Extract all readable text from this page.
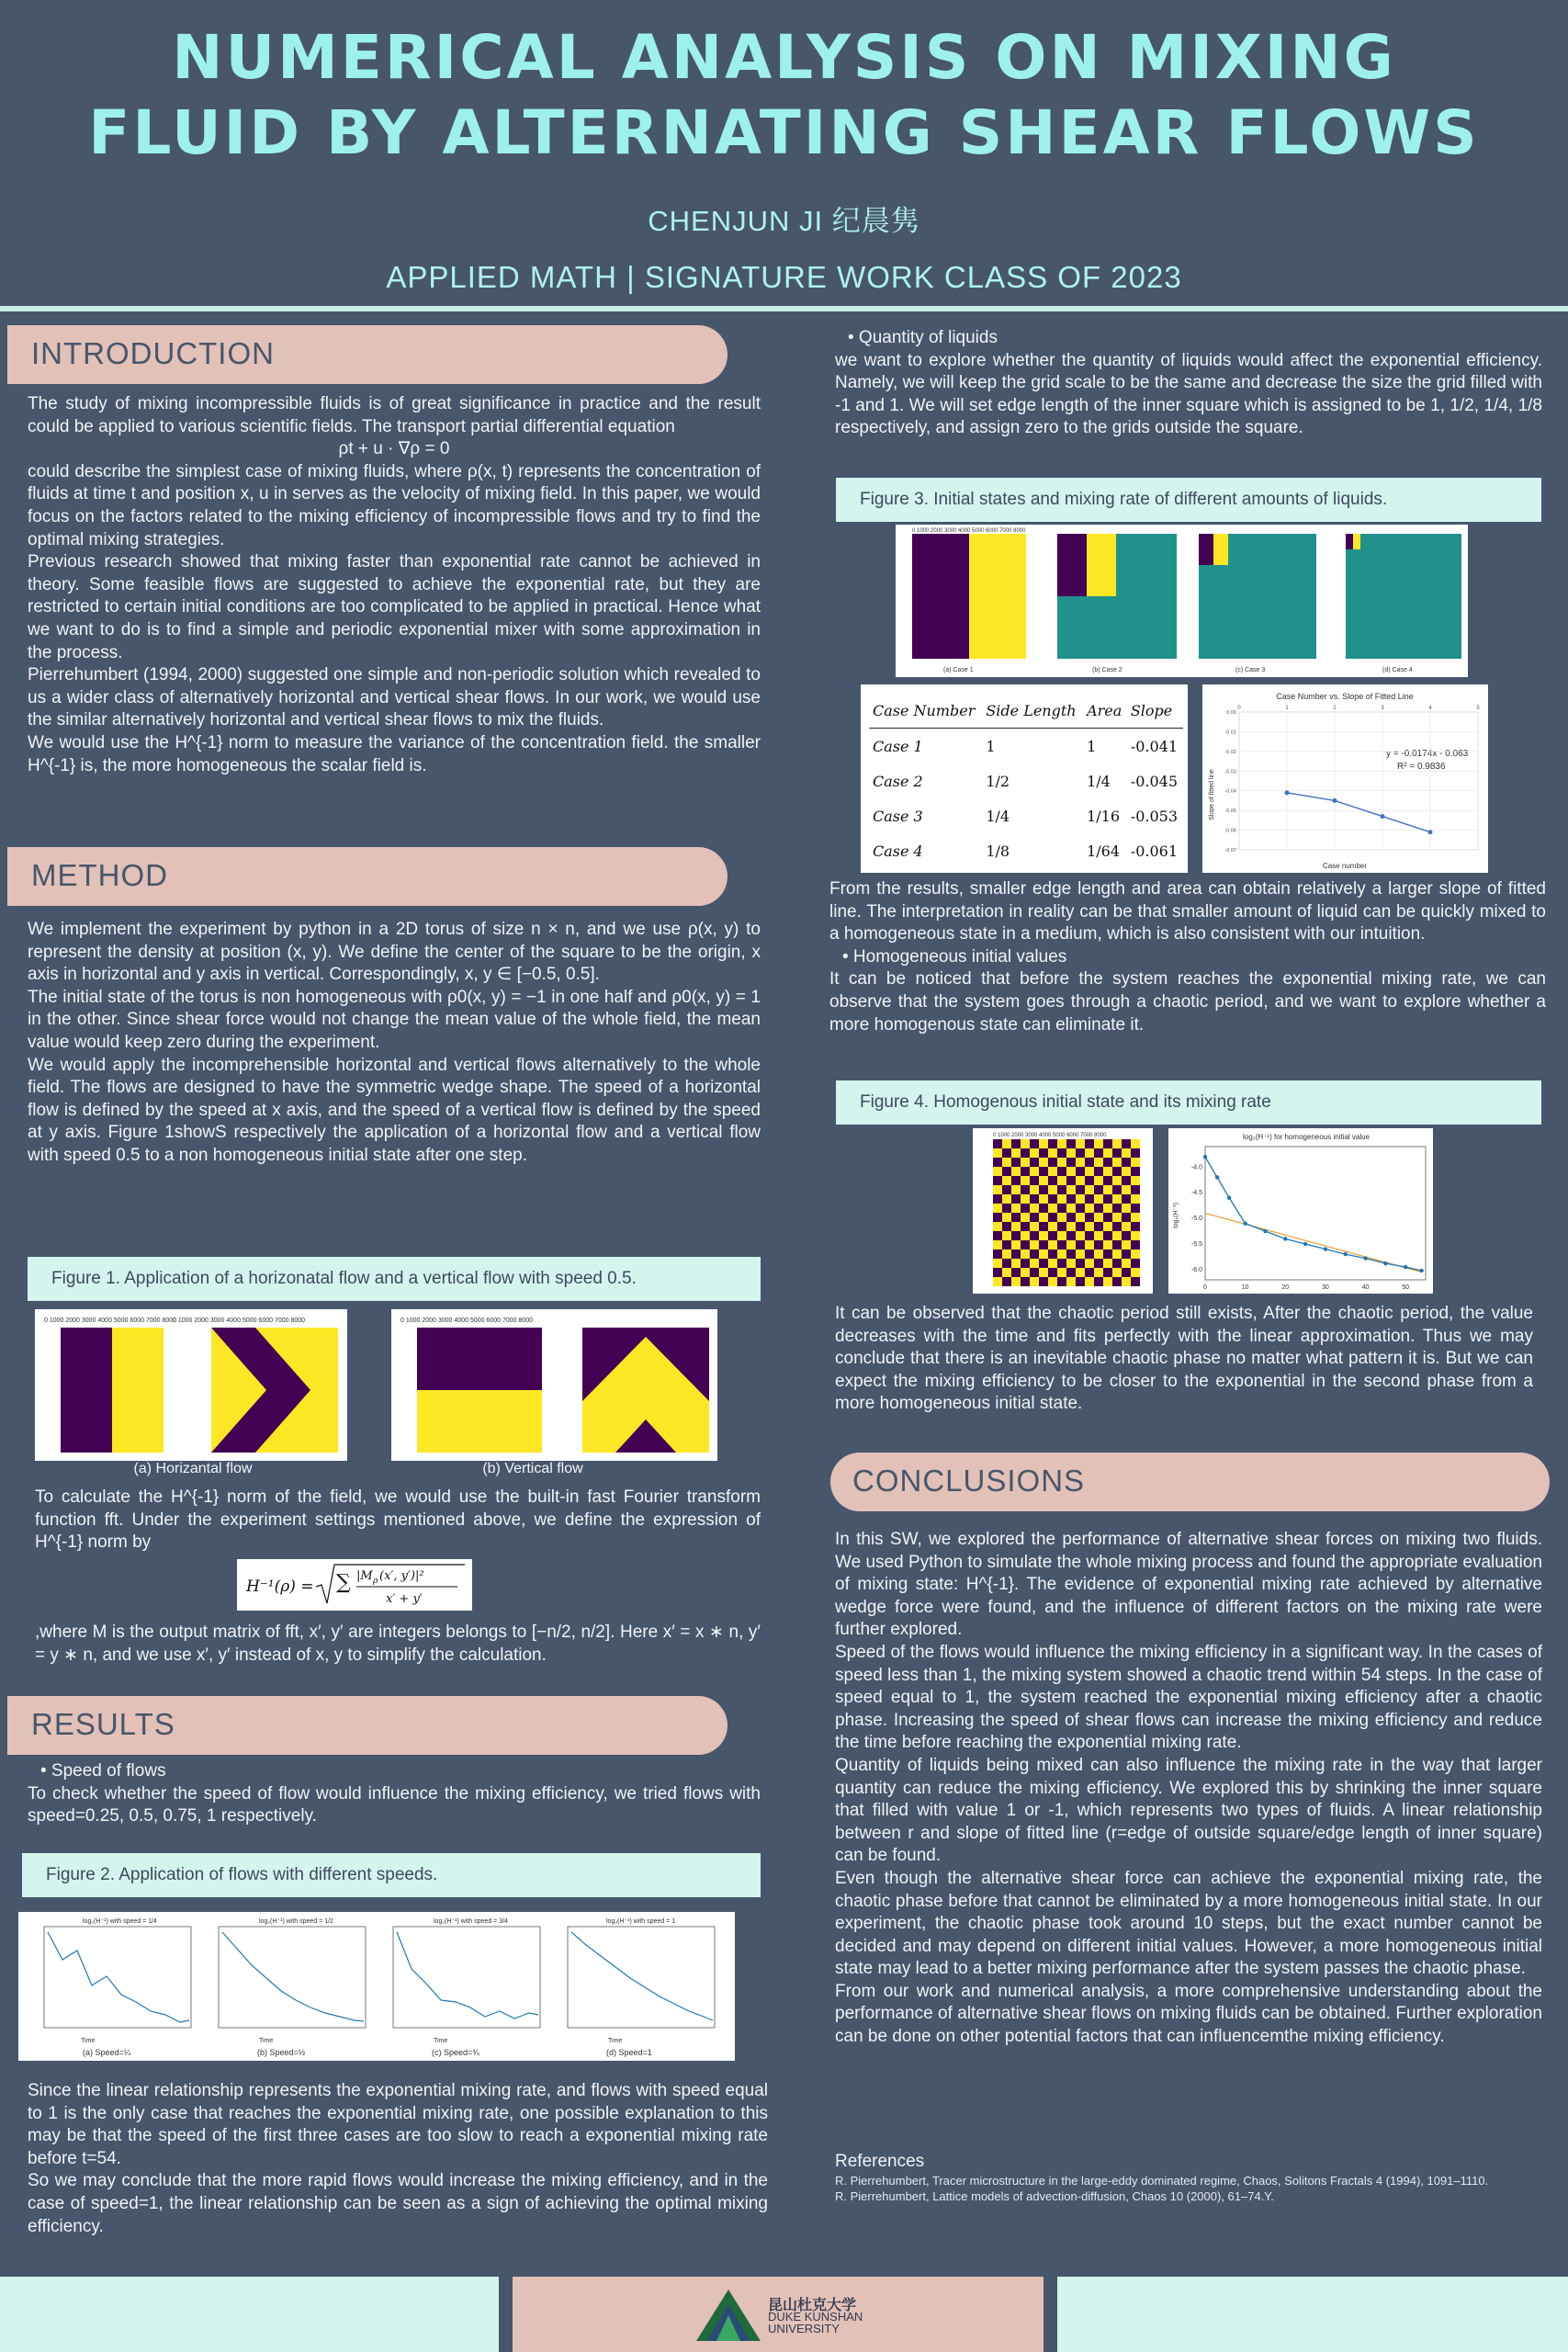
NUMERICAL ANALYSIS ON MIXING
FLUID BY ALTERNATING SHEAR FLOWS
CHENJUN JI 纪晨隽
APPLIED MATH | SIGNATURE WORK CLASS OF 2023
INTRODUCTION

The study of mixing incompressible fluids is of great significance in practice and the result could be applied to various scientific fields. The transport partial differential equation

ρt + u · ∇ρ = 0

could describe the simplest case of mixing fluids, where ρ(x, t) represents the concentration of fluids at time t and position x, u in serves as the velocity of mixing field. In this paper, we would focus on the factors related to the mixing efficiency of incompressible flows and try to find the optimal mixing strategies.

Previous research showed that mixing faster than exponential rate cannot be achieved in theory. Some feasible flows are suggested to achieve the exponential rate, but they are restricted to certain initial conditions are too complicated to be applied in practical. Hence what we want to do is to find a simple and periodic exponential mixer with some approximation in the process.

Pierrehumbert (1994, 2000) suggested one simple and non-periodic solution which revealed to us a wider class of alternatively horizontal and vertical shear flows. In our work, we would use the similar alternatively horizontal and vertical shear flows to mix the fluids.

We would use the H^{-1} norm to measure the variance of the concentration field. the smaller H^{-1} is, the more homogeneous the scalar field is.

METHOD

We implement the experiment by python in a 2D torus of size n × n, and we use ρ(x, y) to represent the density at position (x, y). We define the center of the square to be the origin, x axis in horizontal and y axis in vertical. Correspondingly, x, y ∈ [−0.5, 0.5].

The initial state of the torus is non homogeneous with ρ0(x, y) = −1 in one half and ρ0(x, y) = 1 in the other. Since shear force would not change the mean value of the whole field, the mean value would keep zero during the experiment.

We would apply the incomprehensible horizontal and vertical flows alternatively to the whole field. The flows are designed to have the symmetric wedge shape. The speed of a horizontal flow is defined by the speed at x axis, and the speed of a vertical flow is defined by the speed at y axis. Figure 1showS respectively the application of a horizontal flow and a vertical flow with speed 0.5 to a non homogeneous initial state after one step.

Figure 1. Application of a horizonatal flow and a vertical flow with speed 0.5.
0 1000 2000 3000 4000 5000 6000 7000 8000
0 1000 2000 3000 4000 5000 6000 7000 8000	0 1000 2000 3000 4000 5000 6000 7000 8000
(a) Horizantal flow	(b) Vertical flow

To calculate the H^{-1} norm of the field, we would use the built-in fast Fourier transform function fft. Under the experiment settings mentioned above, we define the expression of H^{-1} norm by

H⁻¹(ρ) = ∑ |M ρ (x′, y′)|²
x′ + y′

,where M is the output matrix of fft, x′, y′ are integers belongs to [−n/2, n/2]. Here x′ = x ∗ n, y′ = y ∗ n, and we use x′, y′ instead of x, y to simplify the calculation.

RESULTS

• Speed of flows

To check whether the speed of flow would influence the mixing efficiency, we tried flows with speed=0.25, 0.5, 0.75, 1 respectively.

Figure 2. Application of flows with different speeds.
log₂(H⁻¹) with speed = 1/4
Time
(a) Speed=¼
log₂(H⁻¹) with speed = 1/2
Time
(b) Speed=½
log₂(H⁻¹) with speed = 3/4
Time
(c) Speed=¾
log₂(H⁻¹) with speed = 1
Time
(d) Speed=1

Since the linear relationship represents the exponential mixing rate, and flows with speed equal to 1 is the only case that reaches the exponential mixing rate, one possible explanation to this may be that the speed of the first three cases are too slow to reach a exponential mixing rate before t=54.

So we may conclude that the more rapid flows would increase the mixing efficiency, and in the case of speed=1, the linear relationship can be seen as a sign of achieving the optimal mixing efficiency.

• Quantity of liquids

we want to explore whether the quantity of liquids would affect the exponential efficiency. Namely, we will keep the grid scale to be the same and decrease the size the grid filled with -1 and 1. We will set edge length of the inner square which is assigned to be 1, 1/2, 1/4, 1/8 respectively, and assign zero to the grids outside the square.

Figure 3. Initial states and mixing rate of different amounts of liquids.
(a) Case 1	(b) Case 2	(c) Case 3	(d) Case 4
0 1000 2000 3000 4000 5000 6000 7000 8000
Case Number	Side Length	Area	Slope
Case 1	1	1	-0.041
Case 2	1/2	1/4	-0.045
Case 3	1/4	1/16	-0.053
Case 4	1/8	1/64	-0.061
Case Number vs. Slope of Fitted Line
Case number
Slope of fitted line
y = -0.0174x - 0.063
R² = 0.9836
0	1	2	3	4	5
0.00
-0.01
-0.02
-0.03
-0.04
-0.05
-0.06
-0.07

From the results, smaller edge length and area can obtain relatively a larger slope of fitted line. The interpretation in reality can be that smaller amount of liquid can be quickly mixed to a homogeneous state in a medium, which is also consistent with our intuition.

• Homogeneous initial values

It can be noticed that before the system reaches the exponential mixing rate, we can observe that the system goes through a chaotic period, and we want to explore whether a more homogenous state can eliminate it.

Figure 4. Homogenous initial state and its mixing rate
0 1000 2000 3000 4000 5000 6000 7000 8000	log₂(H⁻¹) for homogeneous initial value
log₂(H⁻¹)
0	10	20	30	40	50
-4.0
-4.5
-5.0
-5.5
-6.0

It can be observed that the chaotic period still exists, After the chaotic period, the value decreases with the time and fits perfectly with the linear approximation. Thus we may conclude that there is an inevitable chaotic phase no matter what pattern it is. But we can expect the mixing efficiency to be closer to the exponential in the second phase from a more homogeneous initial state.

CONCLUSIONS

In this SW, we explored the performance of alternative shear forces on mixing two fluids. We used Python to simulate the whole mixing process and found the appropriate evaluation of mixing state: H^{-1}. The evidence of exponential mixing rate achieved by alternative wedge force were found, and the influence of different factors on the mixing rate were further explored.

Speed of the flows would influence the mixing efficiency in a significant way. In the cases of speed less than 1, the mixing system showed a chaotic trend within 54 steps. In the case of speed equal to 1, the system reached the exponential mixing efficiency after a chaotic phase. Increasing the speed of shear flows can increase the mixing efficiency and reduce the time before reaching the exponential mixing rate.

Quantity of liquids being mixed can also influence the mixing rate in the way that larger quantity can reduce the mixing efficiency. We explored this by shrinking the inner square that filled with value 1 or -1, which represents two types of fluids. A linear relationship between r and slope of fitted line (r=edge of outside square/edge length of inner square) can be found.

Even though the alternative shear force can achieve the exponential mixing rate, the chaotic phase before that cannot be eliminated by a more homogeneous initial state. In our experiment, the chaotic phase took around 10 steps, but the exact number cannot be decided and may depend on different initial values. However, a more homogeneous initial state may lead to a better mixing performance after the system passes the chaotic phase.

From our work and numerical analysis, a more comprehensive understanding about the performance of alternative shear flows on mixing fluids can be obtained. Further exploration can be done on other potential factors that can influencemthe mixing efficiency.

References
R. Pierrehumbert, Tracer microstructure in the large-eddy dominated regime, Chaos, Solitons Fractals 4 (1994), 1091–1110.
R. Pierrehumbert, Lattice models of advection-diffusion, Chaos 10 (2000), 61–74.Y.
昆山杜克大学
DUKE KUNSHAN
UNIVERSITY
